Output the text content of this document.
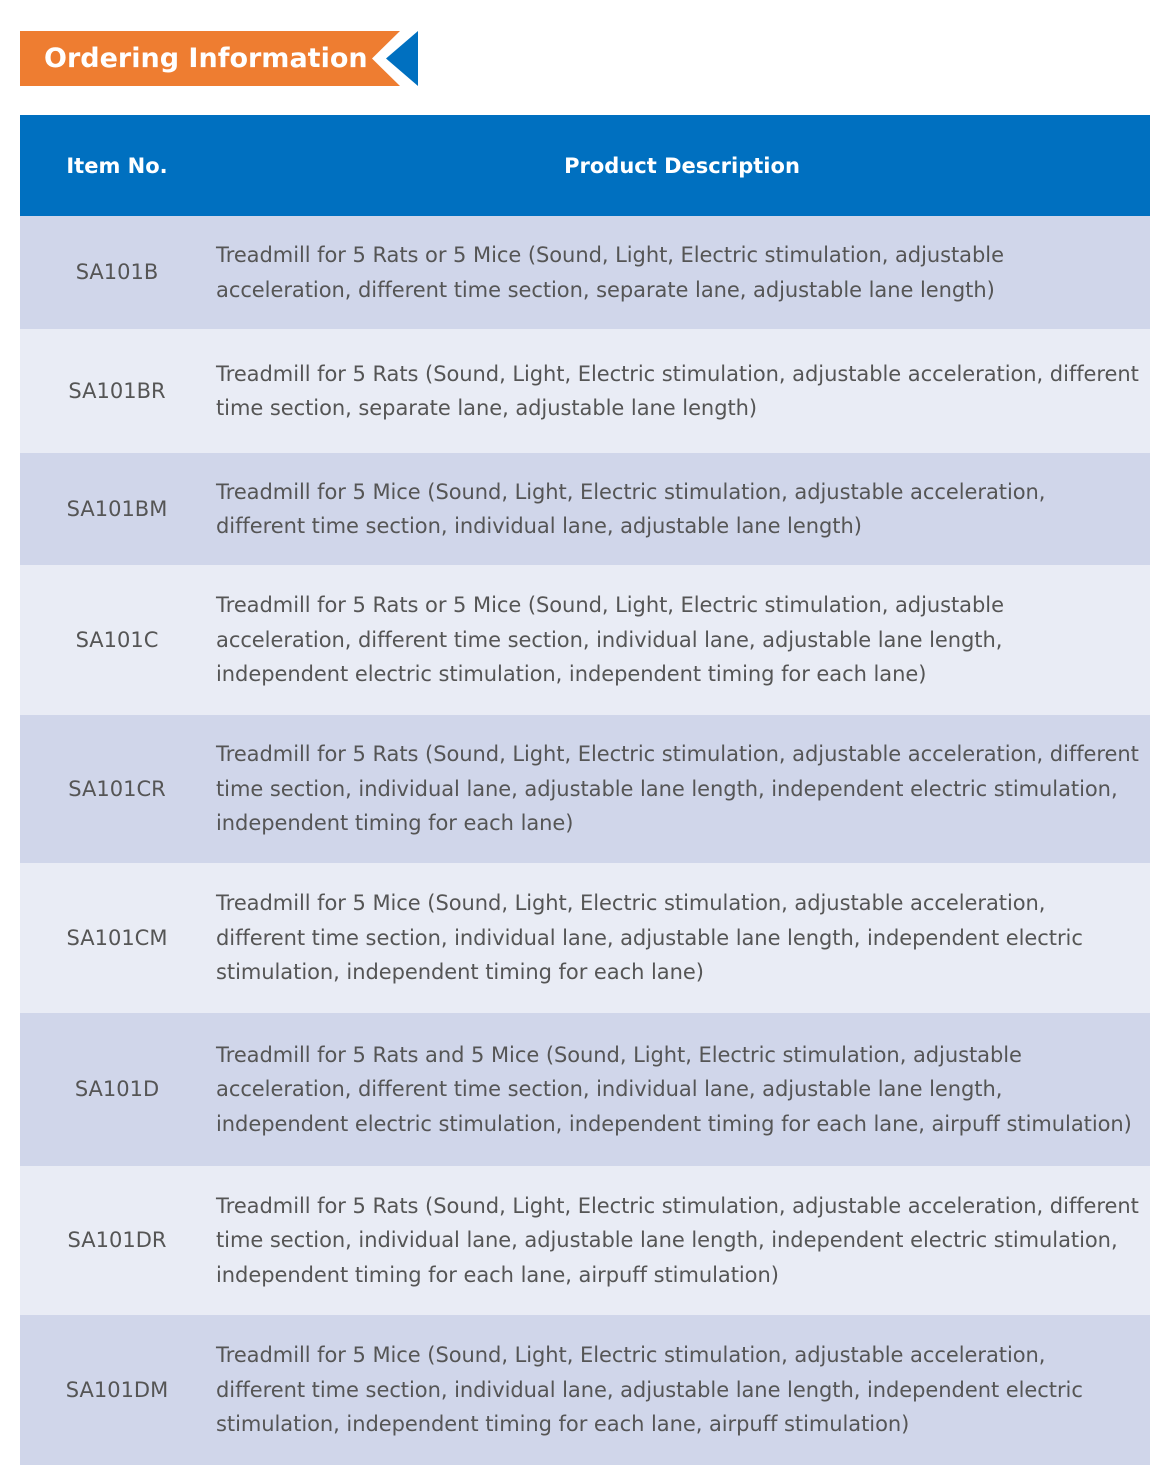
Ordering Information
Item No.	Product Description
SA101B	Treadmill for 5 Rats or 5 Mice (Sound, Light, Electric stimulation, adjustable acceleration, different time section, separate lane, adjustable lane length)
SA101BR	Treadmill for 5 Rats (Sound, Light, Electric stimulation, adjustable acceleration, different time section, separate lane, adjustable lane length)
SA101BM	Treadmill for 5 Mice (Sound, Light, Electric stimulation, adjustable acceleration, different time section, individual lane, adjustable lane length)
SA101C	Treadmill for 5 Rats or 5 Mice (Sound, Light, Electric stimulation, adjustable acceleration, different time section, individual lane, adjustable lane length, independent electric stimulation, independent timing for each lane)
SA101CR	Treadmill for 5 Rats (Sound, Light, Electric stimulation, adjustable acceleration, different time section, individual lane, adjustable lane length, independent electric stimulation, independent timing for each lane)
SA101CM	Treadmill for 5 Mice (Sound, Light, Electric stimulation, adjustable acceleration, different time section, individual lane, adjustable lane length, independent electric stimulation, independent timing for each lane)
SA101D	Treadmill for 5 Rats and 5 Mice (Sound, Light, Electric stimulation, adjustable acceleration, different time section, individual lane, adjustable lane length, independent electric stimulation, independent timing for each lane, airpuff stimulation)
SA101DR	Treadmill for 5 Rats (Sound, Light, Electric stimulation, adjustable acceleration, different time section, individual lane, adjustable lane length, independent electric stimulation, independent timing for each lane, airpuff stimulation)
SA101DM	Treadmill for 5 Mice (Sound, Light, Electric stimulation, adjustable acceleration, different time section, individual lane, adjustable lane length, independent electric stimulation, independent timing for each lane, airpuff stimulation)
